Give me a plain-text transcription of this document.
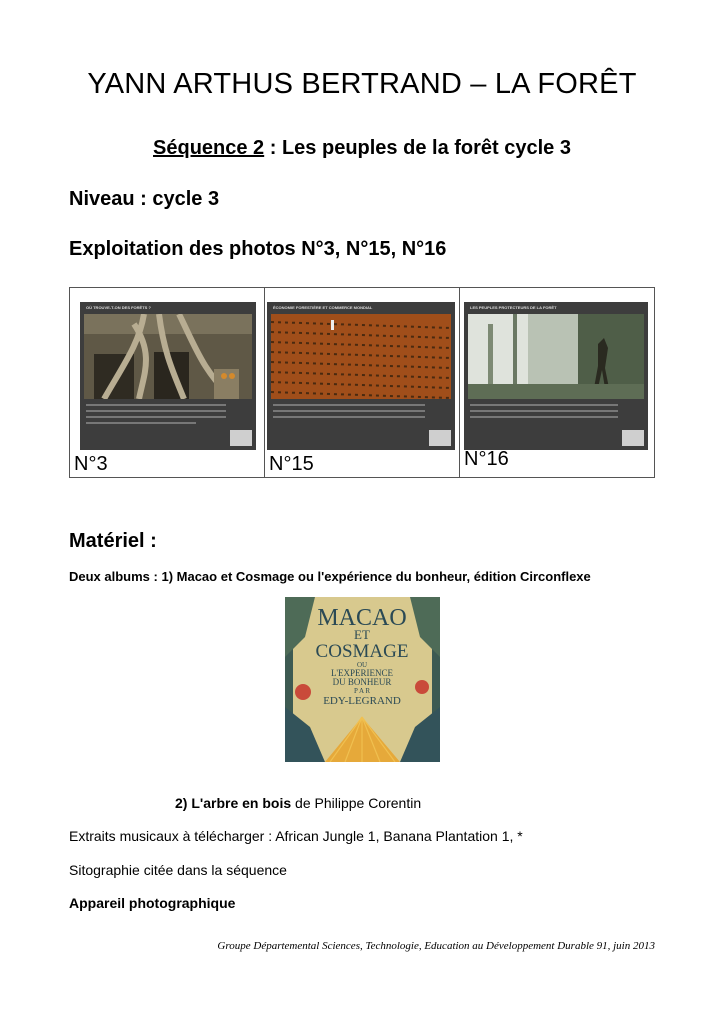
YANN ARTHUS BERTRAND – LA FORÊT
Séquence 2 : Les peuples de la forêt cycle 3
Niveau : cycle 3
Exploitation des photos N°3, N°15, N°16
OÙ TROUVE-T-ON DES FORÊTS ?
N°3
ÉCONOMIE FORESTIÈRE ET COMMERCE MONDIAL
N°15
LES PEUPLES PROTECTEURS DE LA FORÊT
N°16
Matériel :
Deux albums : 1) Macao et Cosmage ou l'expérience du bonheur, édition Circonflexe
MACAO
ET
COSMAGE
OU
L'EXPERIENCE
DU BONHEUR
P A R
EDY-LEGRAND
2) L'arbre en bois de Philippe Corentin
Extraits musicaux à télécharger : African Jungle 1, Banana Plantation 1, *
Sitographie citée dans la séquence
Appareil photographique
Groupe Départemental Sciences, Technologie, Education au Développement Durable 91, juin 2013
